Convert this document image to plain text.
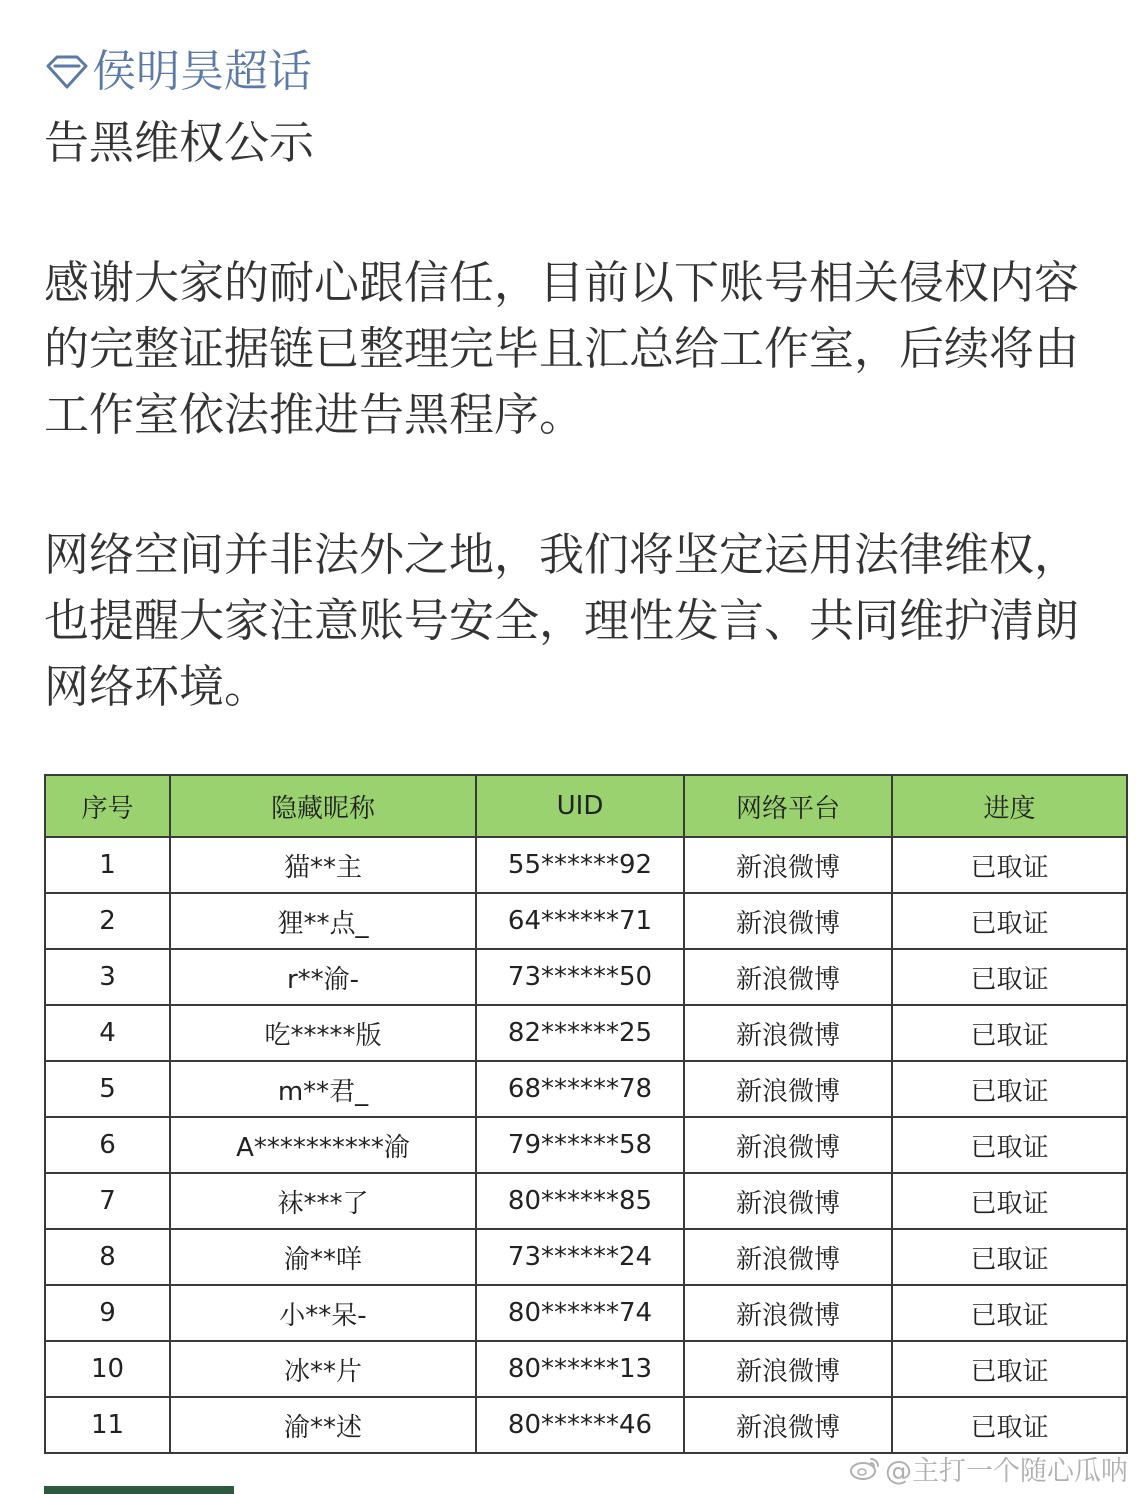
侯明昊超话

告黑维权公示

感谢大家的耐心跟信任，目前以下账号相关侵权内容的完整证据链已整理完毕且汇总给工作室，后续将由工作室依法推进告黑程序。

网络空间并非法外之地，我们将坚定运用法律维权，也提醒大家注意账号安全，理性发言、共同维护清朗网络环境。

序号	隐藏昵称	UID	网络平台	进度
1	猫**主	55******92	新浪微博	已取证
2	狸**点_	64******71	新浪微博	已取证
3	r**渝-	73******50	新浪微博	已取证
4	吃*****版	82******25	新浪微博	已取证
5	m**君_	68******78	新浪微博	已取证
6	A**********渝	79******58	新浪微博	已取证
7	袜***了	80******85	新浪微博	已取证
8	渝**咩	73******24	新浪微博	已取证
9	小**呆-	80******74	新浪微博	已取证
10	冰**片	80******13	新浪微博	已取证
11	渝**述	80******46	新浪微博	已取证
@主打一个随心瓜呐
